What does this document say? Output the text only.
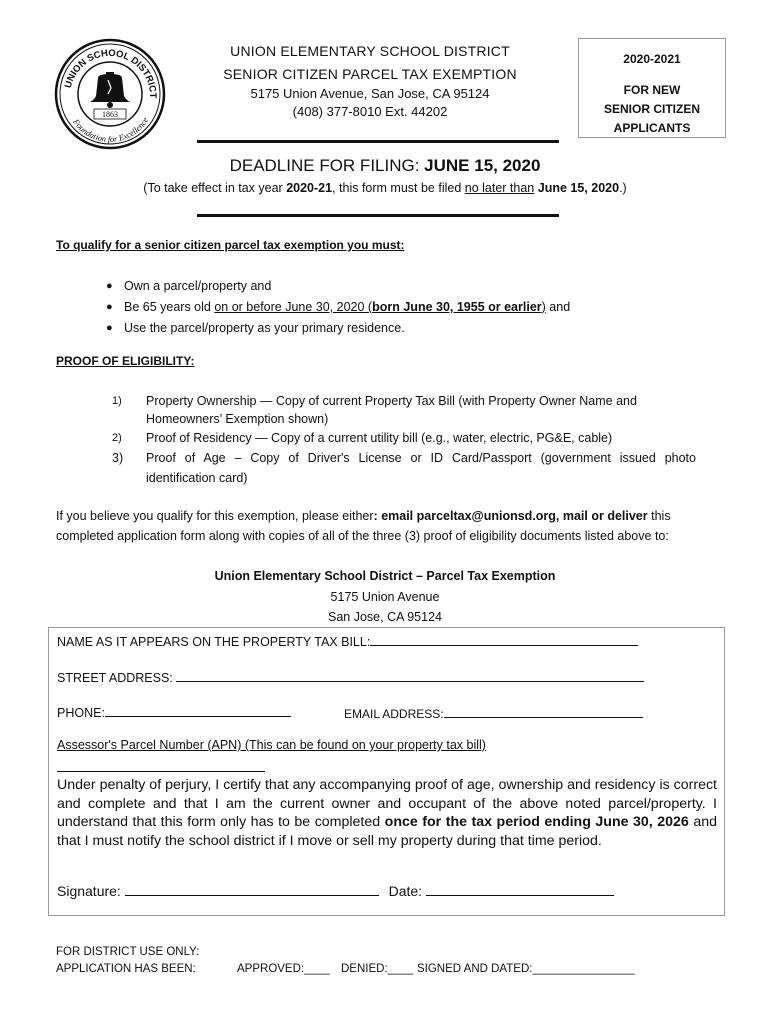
UNION SCHOOL DISTRICT
Foundation for Excellence
1863
UNION ELEMENTARY SCHOOL DISTRICT
SENIOR CITIZEN PARCEL TAX EXEMPTION
5175 Union Avenue, San Jose, CA 95124
(408) 377-8010 Ext. 44202
2020-2021
FOR NEW
SENIOR CITIZEN
APPLICANTS
DEADLINE FOR FILING: JUNE 15, 2020
(To take effect in tax year 2020-21, this form must be filed no later than June 15, 2020.)
To qualify for a senior citizen parcel tax exemption you must:
● Own a parcel/property and
● Be 65 years old on or before June 30, 2020 (born June 30, 1955 or earlier) and
● Use the parcel/property as your primary residence.
PROOF OF ELIGIBILITY:
1) Property Ownership — Copy of current Property Tax Bill (with Property Owner Name and Homeowners’ Exemption shown)
2) Proof of Residency — Copy of a current utility bill (e.g., water, electric, PG&E, cable)
3) Proof of Age – Copy of Driver's License or ID Card/Passport (government issued photo identification card)
If you believe you qualify for this exemption, please either: email parceltax@unionsd.org, mail or deliver this completed application form along with copies of all of the three (3) proof of eligibility documents listed above to:
Union Elementary School District – Parcel Tax Exemption
5175 Union Avenue
San Jose, CA 95124
NAME AS IT APPEARS ON THE PROPERTY TAX BILL:
STREET ADDRESS:
PHONE:	EMAIL ADDRESS:
Assessor's Parcel Number (APN) (This can be found on your property tax bill)
Under penalty of perjury, I certify that any accompanying proof of age, ownership and residency is correct and complete and that I am the current owner and occupant of the above noted parcel/property. I understand that this form only has to be completed once for the tax period ending June 30, 2026 and that I must notify the school district if I move or sell my property during that time period.
Signature:	Date:
FOR DISTRICT USE ONLY:
APPLICATION HAS BEEN:	APPROVED:____ DENIED:____ SIGNED AND DATED:________________
